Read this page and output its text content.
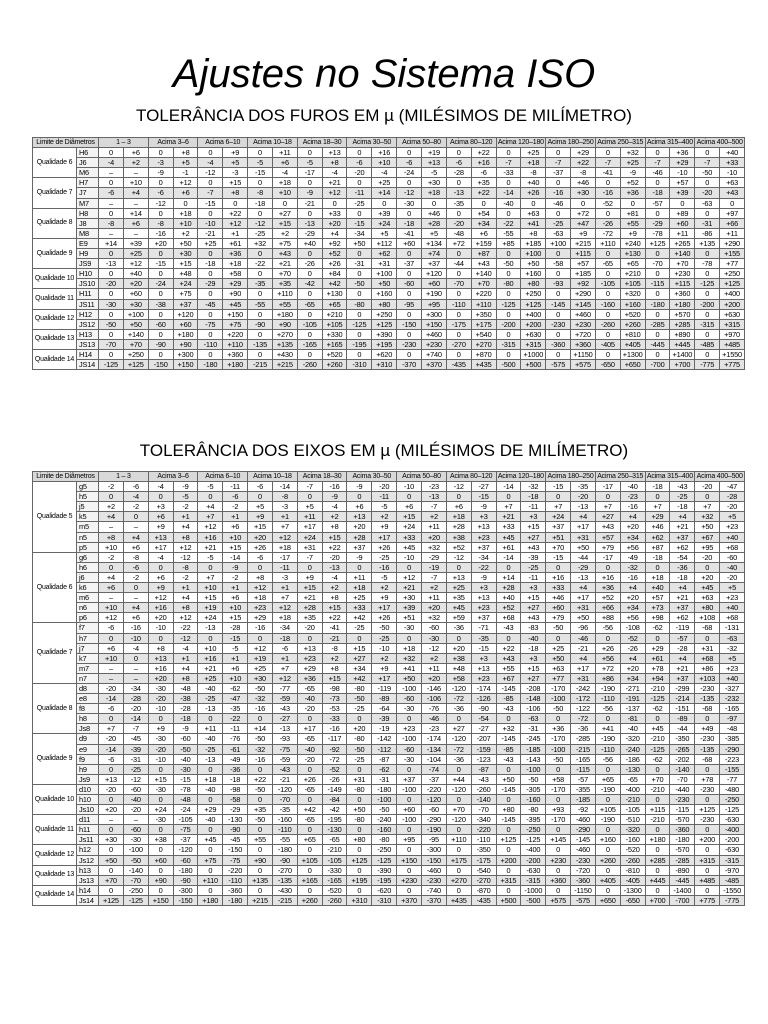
Ajustes no Sistema ISO
TOLERÂNCIA DOS FUROS EM µ (MILÉSIMOS DE MILÍMETRO)
Limite de Diâmetros		1 – 3		Acima 3–6		Acima 6–10		Acima 10–18		Acima 18–30		Acima 30–50		Acima 50–80		Acima 80–120		Acima 120–180		Acima 180–250		Acima 250–315		Acima 315–400		Acima 400–500	
Qualidade 6	H6	0	+6	0	+8	0	+9	0	+11	0	+13	0	+16	0	+19	0	+22	0	+25	0	+29	0	+32	0	+36	0	+40
	J6	-4	+2	-3	+5	-4	+5	-5	+6	-5	+8	-6	+10	-6	+13	-6	+16	-7	+18	-7	+22	-7	+25	-7	+29	-7	+33
	M6	–	–	-9	-1	-12	-3	-15	-4	-17	-4	-20	-4	-24	-5	-28	-6	-33	-8	-37	-8	-41	-9	-46	-10	-50	-10
Qualidade 7	H7	0	+10	0	+12	0	+15	0	+18	0	+21	0	+25	0	+30	0	+35	0	+40	0	+46	0	+52	0	+57	0	+63
	J7	-6	+4	-6	+6	-7	+8	-8	+10	-9	+12	-11	+14	-12	+18	-13	+22	-14	+26	-16	+30	-16	+36	-18	+39	-20	+43
	M7	–	–	-12	0	-15	0	-18	0	-21	0	-25	0	-30	0	-35	0	-40	0	-46	0	-52	0	-57	0	-63	0
Qualidade 8	H8	0	+14	0	+18	0	+22	0	+27	0	+33	0	+39	0	+46	0	+54	0	+63	0	+72	0	+81	0	+89	0	+97
	J8	-8	+6	-8	+10	-10	+12	-12	+15	-13	+20	-15	+24	-18	+28	-20	+34	-22	+41	-25	+47	-26	+55	-29	+60	-31	+66
	M8	–	–	-16	+2	-21	+1	-25	+2	-29	+4	-34	+5	-41	+5	-48	+6	-55	+8	-63	+9	-72	+9	-78	+11	-86	+11
Qualidade 9	E9	+14	+39	+20	+50	+25	+61	+32	+75	+40	+92	+50	+112	+60	+134	+72	+159	+85	+185	+100	+215	+110	+240	+125	+265	+135	+290
	H9	0	+25	0	+30	0	+36	0	+43	0	+52	0	+62	0	+74	0	+87	0	+100	0	+115	0	+130	0	+140	0	+155
	JS9	-13	+12	-15	+15	-18	+18	-22	+21	-26	+26	-31	+31	-37	+37	-44	+43	-50	+50	-58	+57	-65	+65	-70	+70	-78	+77
Qualidade 10	H10	0	+40	0	+48	0	+58	0	+70	0	+84	0	+100	0	+120	0	+140	0	+160	0	+185	0	+210	0	+230	0	+250
	JS10	-20	+20	-24	+24	-29	+29	-35	+35	-42	+42	-50	+50	-60	+60	-70	+70	-80	+80	-93	+92	-105	+105	-115	+115	-125	+125
Qualidade 11	H11	0	+60	0	+75	0	+90	0	+110	0	+130	0	+160	0	+190	0	+220	0	+250	0	+290	0	+320	0	+360	0	+400
	JS11	-30	+30	-38	+37	-45	+45	-55	+55	-65	+65	-80	+80	-95	+95	-110	+110	-125	+125	-145	+145	-160	+160	-180	+180	-200	+200
Qualidade 12	H12	0	+100	0	+120	0	+150	0	+180	0	+210	0	+250	0	+300	0	+350	0	+400	0	+460	0	+520	0	+570	0	+630
	JS12	-50	+50	-60	+60	-75	+75	-90	+90	-105	+105	-125	+125	-150	+150	-175	+175	-200	+200	-230	+230	-260	+260	-285	+285	-315	+315
Qualidade 13	H13	0	+140	0	+180	0	+220	0	+270	0	+330	0	+390	0	+460	0	+540	0	+630	0	+720	0	+810	0	+890	0	+970
	JS13	-70	+70	-90	+90	-110	+110	-135	+135	-165	+165	-195	+195	-230	+230	-270	+270	-315	+315	-360	+360	-405	+405	-445	+445	-485	+485
Qualidade 14	H14	0	+250	0	+300	0	+360	0	+430	0	+520	0	+620	0	+740	0	+870	0	+1000	0	+1150	0	+1300	0	+1400	0	+1550
	JS14	-125	+125	-150	+150	-180	+180	-215	+215	-260	+260	-310	+310	-370	+370	-435	+435	-500	+500	-575	+575	-650	+650	-700	+700	-775	+775
TOLERÂNCIA DOS EIXOS EM µ (MILÉSIMOS DE MILÍMETRO)
Limite de Diâmetros		1 – 3		Acima 3–6		Acima 6–10		Acima 10–18		Acima 18–30		Acima 30–50		Acima 50–80		Acima 80–120		Acima 120–180		Acima 180–250		Acima 250–315		Acima 315–400		Acima 400–500	
Qualidade 5	g5	-2	-6	-4	-9	-5	-11	-6	-14	-7	-16	-9	-20	-10	-23	-12	-27	-14	-32	-15	-35	-17	-40	-18	-43	-20	-47
	h5	0	-4	0	-5	0	-6	0	-8	0	-9	0	-11	0	-13	0	-15	0	-18	0	-20	0	-23	0	-25	0	-28
	j5	+2	-2	+3	-2	+4	-2	+5	-3	+5	-4	+6	-5	+6	-7	+6	-9	+7	-11	+7	-13	+7	-16	+7	-18	+7	-20
	k5	+4	0	+6	+1	+7	+1	+9	+1	+11	+2	+13	+2	+15	+2	+18	+3	+21	+3	+24	+4	+27	+4	+29	+4	+32	+5
	m5	–	–	+9	+4	+12	+6	+15	+7	+17	+8	+20	+9	+24	+11	+28	+13	+33	+15	+37	+17	+43	+20	+46	+21	+50	+23
	n5	+8	+4	+13	+8	+16	+10	+20	+12	+24	+15	+28	+17	+33	+20	+38	+23	+45	+27	+51	+31	+57	+34	+62	+37	+67	+40
	p5	+10	+6	+17	+12	+21	+15	+26	+18	+31	+22	+37	+26	+45	+32	+52	+37	+61	+43	+70	+50	+79	+56	+87	+62	+95	+68
Qualidade 6	g6	-2	-8	-4	-12	-5	-14	-6	-17	-7	-20	-9	-25	-10	-29	-12	-34	-14	-39	-15	-44	-17	-49	-18	-54	-20	-60
	h6	0	-6	0	-8	0	-9	0	-11	0	-13	0	-16	0	-19	0	-22	0	-25	0	-29	0	-32	0	-36	0	-40
	j6	+4	-2	+6	-2	+7	-2	+8	-3	+9	-4	+11	-5	+12	-7	+13	-9	+14	-11	+16	-13	+16	-16	+18	-18	+20	-20
	k6	+6	0	+9	+1	+10	+1	+12	+1	+15	+2	+18	+2	+21	+2	+25	+3	+28	+3	+33	+4	+36	+4	+40	+4	+45	+5
	m6	–	–	+12	+4	+15	+6	+18	+7	+21	+8	+25	+9	+30	+11	+35	+13	+40	+15	+46	+17	+52	+20	+57	+21	+63	+23
	n6	+10	+4	+16	+8	+19	+10	+23	+12	+28	+15	+33	+17	+39	+20	+45	+23	+52	+27	+60	+31	+66	+34	+73	+37	+80	+40
	p6	+12	+6	+20	+12	+24	+15	+29	+18	+35	+22	+42	+26	+51	+32	+59	+37	+68	+43	+79	+50	+88	+56	+98	+62	+108	+68
Qualidade 7	f7	-6	-16	-10	-22	-13	-28	-16	-34	-20	-41	-25	-50	-30	-60	-36	-71	-43	-83	-50	-96	-56	-108	-62	-119	-68	-131
	h7	0	-10	0	-12	0	-15	0	-18	0	-21	0	-25	0	-30	0	-35	0	-40	0	-46	0	-52	0	-57	0	-63
	j7	+6	-4	+8	-4	+10	-5	+12	-6	+13	-8	+15	-10	+18	-12	+20	-15	+22	-18	+25	-21	+26	-26	+29	-28	+31	-32
	k7	+10	0	+13	+1	+16	+1	+19	+1	+23	+2	+27	+2	+32	+2	+38	+3	+43	+3	+50	+4	+56	+4	+61	+4	+68	+5
	m7	–	–	+16	+4	+21	+6	+25	+7	+29	+8	+34	+9	+41	+11	+48	+13	+55	+15	+63	+17	+72	+20	+78	+21	+86	+23
	n7	–	–	+20	+8	+25	+10	+30	+12	+36	+15	+42	+17	+50	+20	+58	+23	+67	+27	+77	+31	+86	+34	+94	+37	+103	+40
Qualidade 8	d8	-20	-34	-30	-48	-40	-62	-50	-77	-65	-98	-80	-119	-100	-146	-120	-174	-145	-208	-170	-242	-190	-271	-210	-299	-230	-327
	e8	-14	-28	-20	-38	-25	-47	-32	-59	-40	-73	-50	-89	-60	-106	-72	-126	-85	-148	-100	-172	-110	-191	-125	-214	-135	-232
	f8	-6	-20	-10	-28	-13	-35	-16	-43	-20	-53	-25	-64	-30	-76	-36	-90	-43	-106	-50	-122	-56	-137	-62	-151	-68	-165
	h8	0	-14	0	-18	0	-22	0	-27	0	-33	0	-39	0	-46	0	-54	0	-63	0	-72	0	-81	0	-89	0	-97
	Js8	+7	-7	+9	-9	+11	-11	+14	-13	+17	-16	+20	-19	+23	-23	+27	-27	+32	-31	+36	-36	+41	-40	+45	-44	+49	-48
Qualidade 9	d9	-20	-45	-30	-60	-40	-76	-50	-93	-65	-117	-80	-142	-100	-174	-120	-207	-145	-245	-170	-285	-190	-320	-210	-350	-230	-385
	e9	-14	-39	-20	-50	-25	-61	-32	-75	-40	-92	-50	-112	-60	-134	-72	-159	-85	-185	-100	-215	-110	-240	-125	-265	-135	-290
	f9	-6	-31	-10	-40	-13	-49	-16	-59	-20	-72	-25	-87	-30	-104	-36	-123	-43	-143	-50	-165	-56	-186	-62	-202	-68	-223
	h9	0	-25	0	-30	0	-36	0	-43	0	-52	0	-62	0	-74	0	-87	0	-100	0	-115	0	-130	0	-140	0	-155
	Js9	+13	-12	+15	-15	+18	-18	+22	-21	+26	-26	+31	-31	+37	-37	+44	-43	+50	-50	+58	-57	+65	-65	+70	-70	+78	-77
Qualidade 10	d10	-20	-60	-30	-78	-40	-98	-50	-120	-65	-149	-80	-180	-100	-220	-120	-260	-145	-305	-170	-355	-190	-400	-210	-440	-230	-480
	h10	0	-40	0	-48	0	-58	0	-70	0	-84	0	-100	0	-120	0	-140	0	-160	0	-185	0	-210	0	-230	0	-250
	Js10	+20	-20	+24	-24	+29	-29	+35	-35	+42	-42	+50	-50	+60	-60	+70	-70	+80	-80	+93	-92	+105	-105	+115	-115	+125	-125
Qualidade 11	d11	–	–	-30	-105	-40	-130	-50	-160	-65	-195	-80	-240	-100	-290	-120	-340	-145	-395	-170	-460	-190	-510	-210	-570	-230	-630
	h11	0	-60	0	-75	0	-90	0	-110	0	-130	0	-160	0	-190	0	-220	0	-250	0	-290	0	-320	0	-360	0	-400
	Js11	+30	-30	+38	-37	+45	-45	+55	-55	+65	-65	+80	-80	+95	-95	+110	-110	+125	-125	+145	-145	+160	-160	+180	-180	+200	-200
Qualidade 12	h12	0	-100	0	-120	0	-150	0	-180	0	-210	0	-250	0	-300	0	-350	0	-400	0	-460	0	-520	0	-570	0	-630
	Js12	+50	-50	+60	-60	+75	-75	+90	-90	+105	-105	+125	-125	+150	-150	+175	-175	+200	-200	+230	-230	+260	-260	+285	-285	+315	-315
Qualidade 13	h13	0	-140	0	-180	0	-220	0	-270	0	-330	0	-390	0	-460	0	-540	0	-630	0	-720	0	-810	0	-890	0	-970
	Js13	+70	-70	+90	-90	+110	-110	+135	-135	+165	-165	+195	-195	+230	-230	+270	-270	+315	-315	+360	-360	+405	-405	+445	-445	+485	-485
Qualidade 14	h14	0	-250	0	-300	0	-360	0	-430	0	-520	0	-620	0	-740	0	-870	0	-1000	0	-1150	0	-1300	0	-1400	0	-1550
	Js14	+125	-125	+150	-150	+180	-180	+215	-215	+260	-260	+310	-310	+370	-370	+435	-435	+500	-500	+575	-575	+650	-650	+700	-700	+775	-775
